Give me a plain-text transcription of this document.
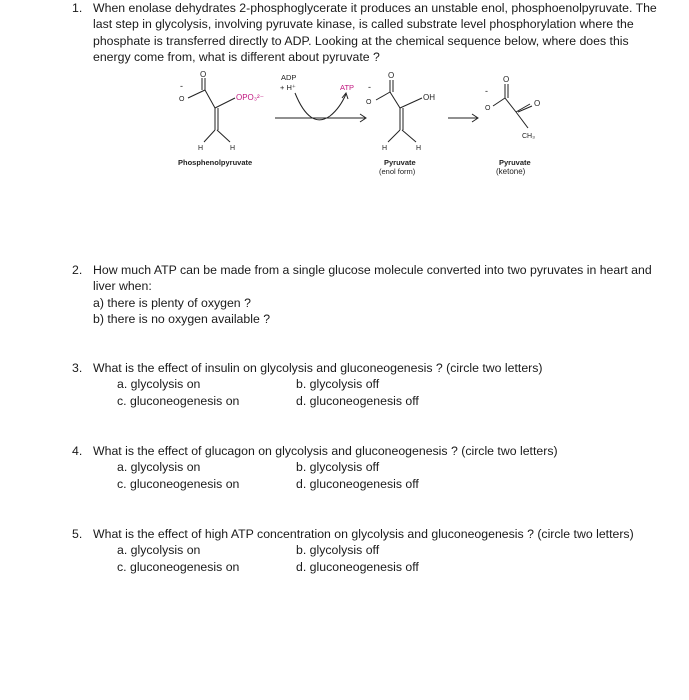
1. When enolase dehydrates 2-phosphoglycerate it produces an unstable enol, phosphoenolpyruvate. The last step in glycolysis, involving pyruvate kinase, is called substrate level phosphorylation where the phosphate is transferred directly to ADP. Looking at the chemical sequence below, where does this energy come from, what is different about pyruvate ?
O
-
O	OPO₃²⁻
H	H
Phosphenolpyruvate
ADP
+ H⁺	ATP
O
-
O
OH
H	H
Pyruvate
(enol form)
O
-
O
O
CH₃
Pyruvate
(ketone)
2. How much ATP can be made from a single glucose molecule converted into two pyruvates in heart and liver when:
a) there is plenty of oxygen ?
b) there is no oxygen available ?
3. What is the effect of insulin on glycolysis and gluconeogenesis ? (circle two letters)
a. glycolysis on	b. glycolysis off
c. gluconeogenesis on	d. gluconeogenesis off
4. What is the effect of glucagon on glycolysis and gluconeogenesis ? (circle two letters)
a. glycolysis on	b. glycolysis off
c. gluconeogenesis on	d. gluconeogenesis off
5. What is the effect of high ATP concentration on glycolysis and gluconeogenesis ? (circle two letters)
a. glycolysis on	b. glycolysis off
c. gluconeogenesis on	d. gluconeogenesis off
